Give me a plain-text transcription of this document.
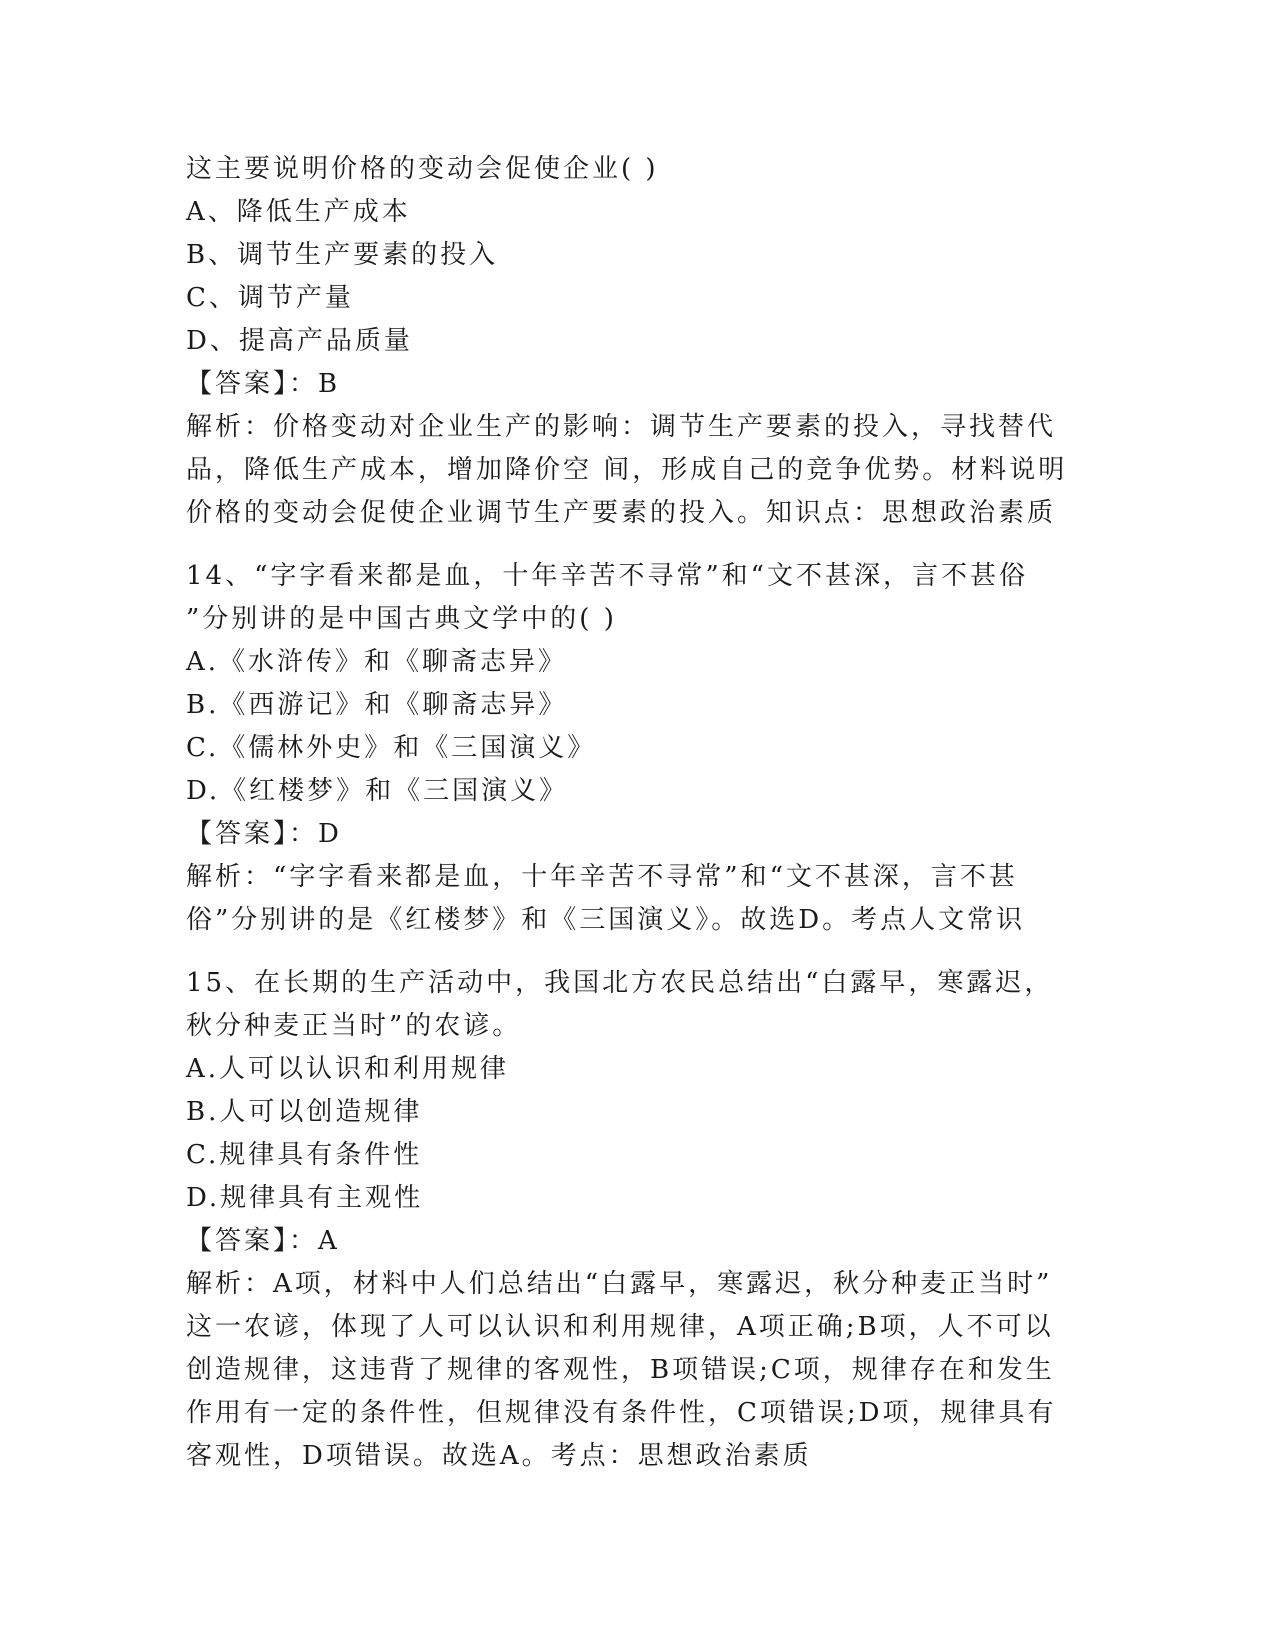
这主要说明价格的变动会促使企业( )
A、降低生产成本
B、调节生产要素的投入
C、调节产量
D、提高产品质量
【答案】：B
解析：价格变动对企业生产的影响：调节生产要素的投入，寻找替代
品，降低生产成本，增加降价空 间，形成自己的竞争优势。材料说明
价格的变动会促使企业调节生产要素的投入。知识点：思想政治素质
14、“字字看来都是血，十年辛苦不寻常”和“文不甚深，言不甚俗
”分别讲的是中国古典文学中的( )
A.《水浒传》和《聊斋志异》
B.《西游记》和《聊斋志异》
C.《儒林外史》和《三国演义》
D.《红楼梦》和《三国演义》
【答案】：D
解析：“字字看来都是血，十年辛苦不寻常”和“文不甚深，言不甚
俗”分别讲的是《红楼梦》和《三国演义》。故选D。考点人文常识
15、在长期的生产活动中，我国北方农民总结出“白露早，寒露迟，
秋分种麦正当时”的农谚。
A.人可以认识和利用规律
B.人可以创造规律
C.规律具有条件性
D.规律具有主观性
【答案】：A
解析：A项，材料中人们总结出“白露早，寒露迟，秋分种麦正当时”
这一农谚，体现了人可以认识和利用规律，A项正确;B项，人不可以
创造规律，这违背了规律的客观性，B项错误;C项，规律存在和发生
作用有一定的条件性，但规律没有条件性，C项错误;D项，规律具有
客观性，D项错误。故选A。考点：思想政治素质
